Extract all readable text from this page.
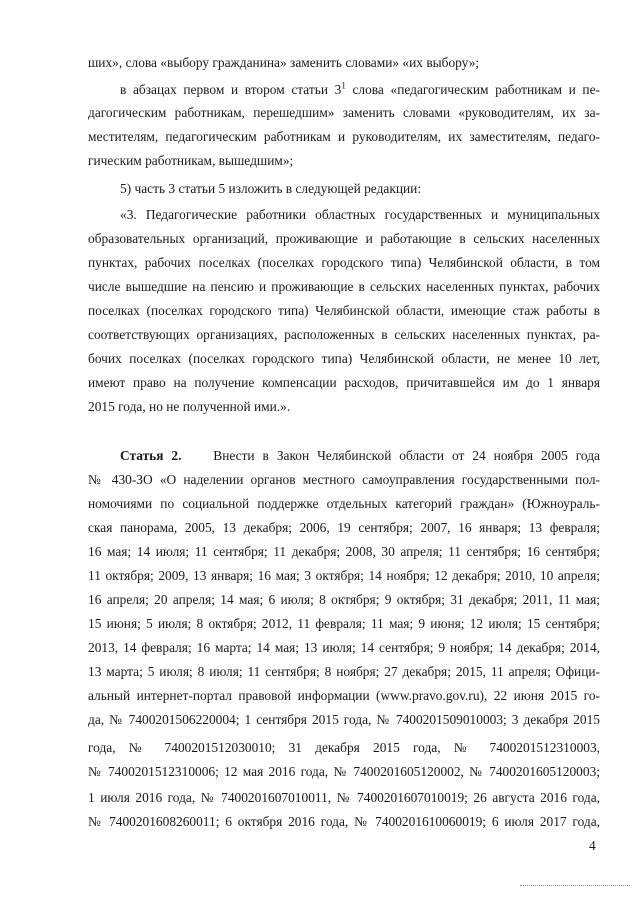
ших», слова «выбору гражданина» заменить словами» «их выбору»;
в абзацах первом и втором статьи $3^1$ слова «педагогическим работникам и пе-
дагогическим работникам, перешедшим» заменить словами «руководителям, их за-
местителям, педагогическим работникам и руководителям, их заместителям, педаго-
гическим работникам, вышедшим»;
5) часть 3 статьи 5 изложить в следующей редакции:
«3. Педагогические работники областных государственных и муниципальных
образовательных организаций, проживающие и работающие в сельских населенных
пунктах, рабочих поселках (поселках городского типа) Челябинской области, в том
числе вышедшие на пенсию и проживающие в сельских населенных пунктах, рабочих
поселках (поселках городского типа) Челябинской области, имеющие стаж работы в
соответствующих организациях, расположенных в сельских населенных пунктах, ра-
бочих поселках (поселках городского типа) Челябинской области, не менее 10 лет,
имеют право на получение компенсации расходов, причитавшейся им до 1 января
2015 года, но не полученной ими.».
Статья 2. Внести в Закон Челябинской области от 24 ноября 2005 года
№ 430-ЗО «О наделении органов местного самоуправления государственными пол-
номочиями по социальной поддержке отдельных категорий граждан» (Южноураль-
ская панорама, 2005, 13 декабря; 2006, 19 сентября; 2007, 16 января; 13 февраля;
16 мая; 14 июля; 11 сентября; 11 декабря; 2008, 30 апреля; 11 сентября; 16 сентября;
11 октября; 2009, 13 января; 16 мая; 3 октября; 14 ноября; 12 декабря; 2010, 10 апреля;
16 апреля; 20 апреля; 14 мая; 6 июля; 8 октября; 9 октября; 31 декабря; 2011, 11 мая;
15 июня; 5 июля; 8 октября; 2012, 11 февраля; 11 мая; 9 июня; 12 июля; 15 сентября;
2013, 14 февраля; 16 марта; 14 мая; 13 июля; 14 сентября; 9 ноября; 14 декабря; 2014,
13 марта; 5 июля; 8 июля; 11 сентября; 8 ноября; 27 декабря; 2015, 11 апреля; Офици-
альный интернет-портал правовой информации (www.pravo.gov.ru), 22 июня 2015 го-
да, № 7400201506220004; 1 сентября 2015 года, № 7400201509010003; 3 декабря 2015
года, № 7400201512030010; 31 декабря 2015 года, № 7400201512310003,
№ 7400201512310006; 12 мая 2016 года, № 7400201605120002, № 7400201605120003;
1 июля 2016 года, № 7400201607010011, № 7400201607010019; 26 августа 2016 года,
№ 7400201608260011; 6 октября 2016 года, № 7400201610060019; 6 июля 2017 года,
4
